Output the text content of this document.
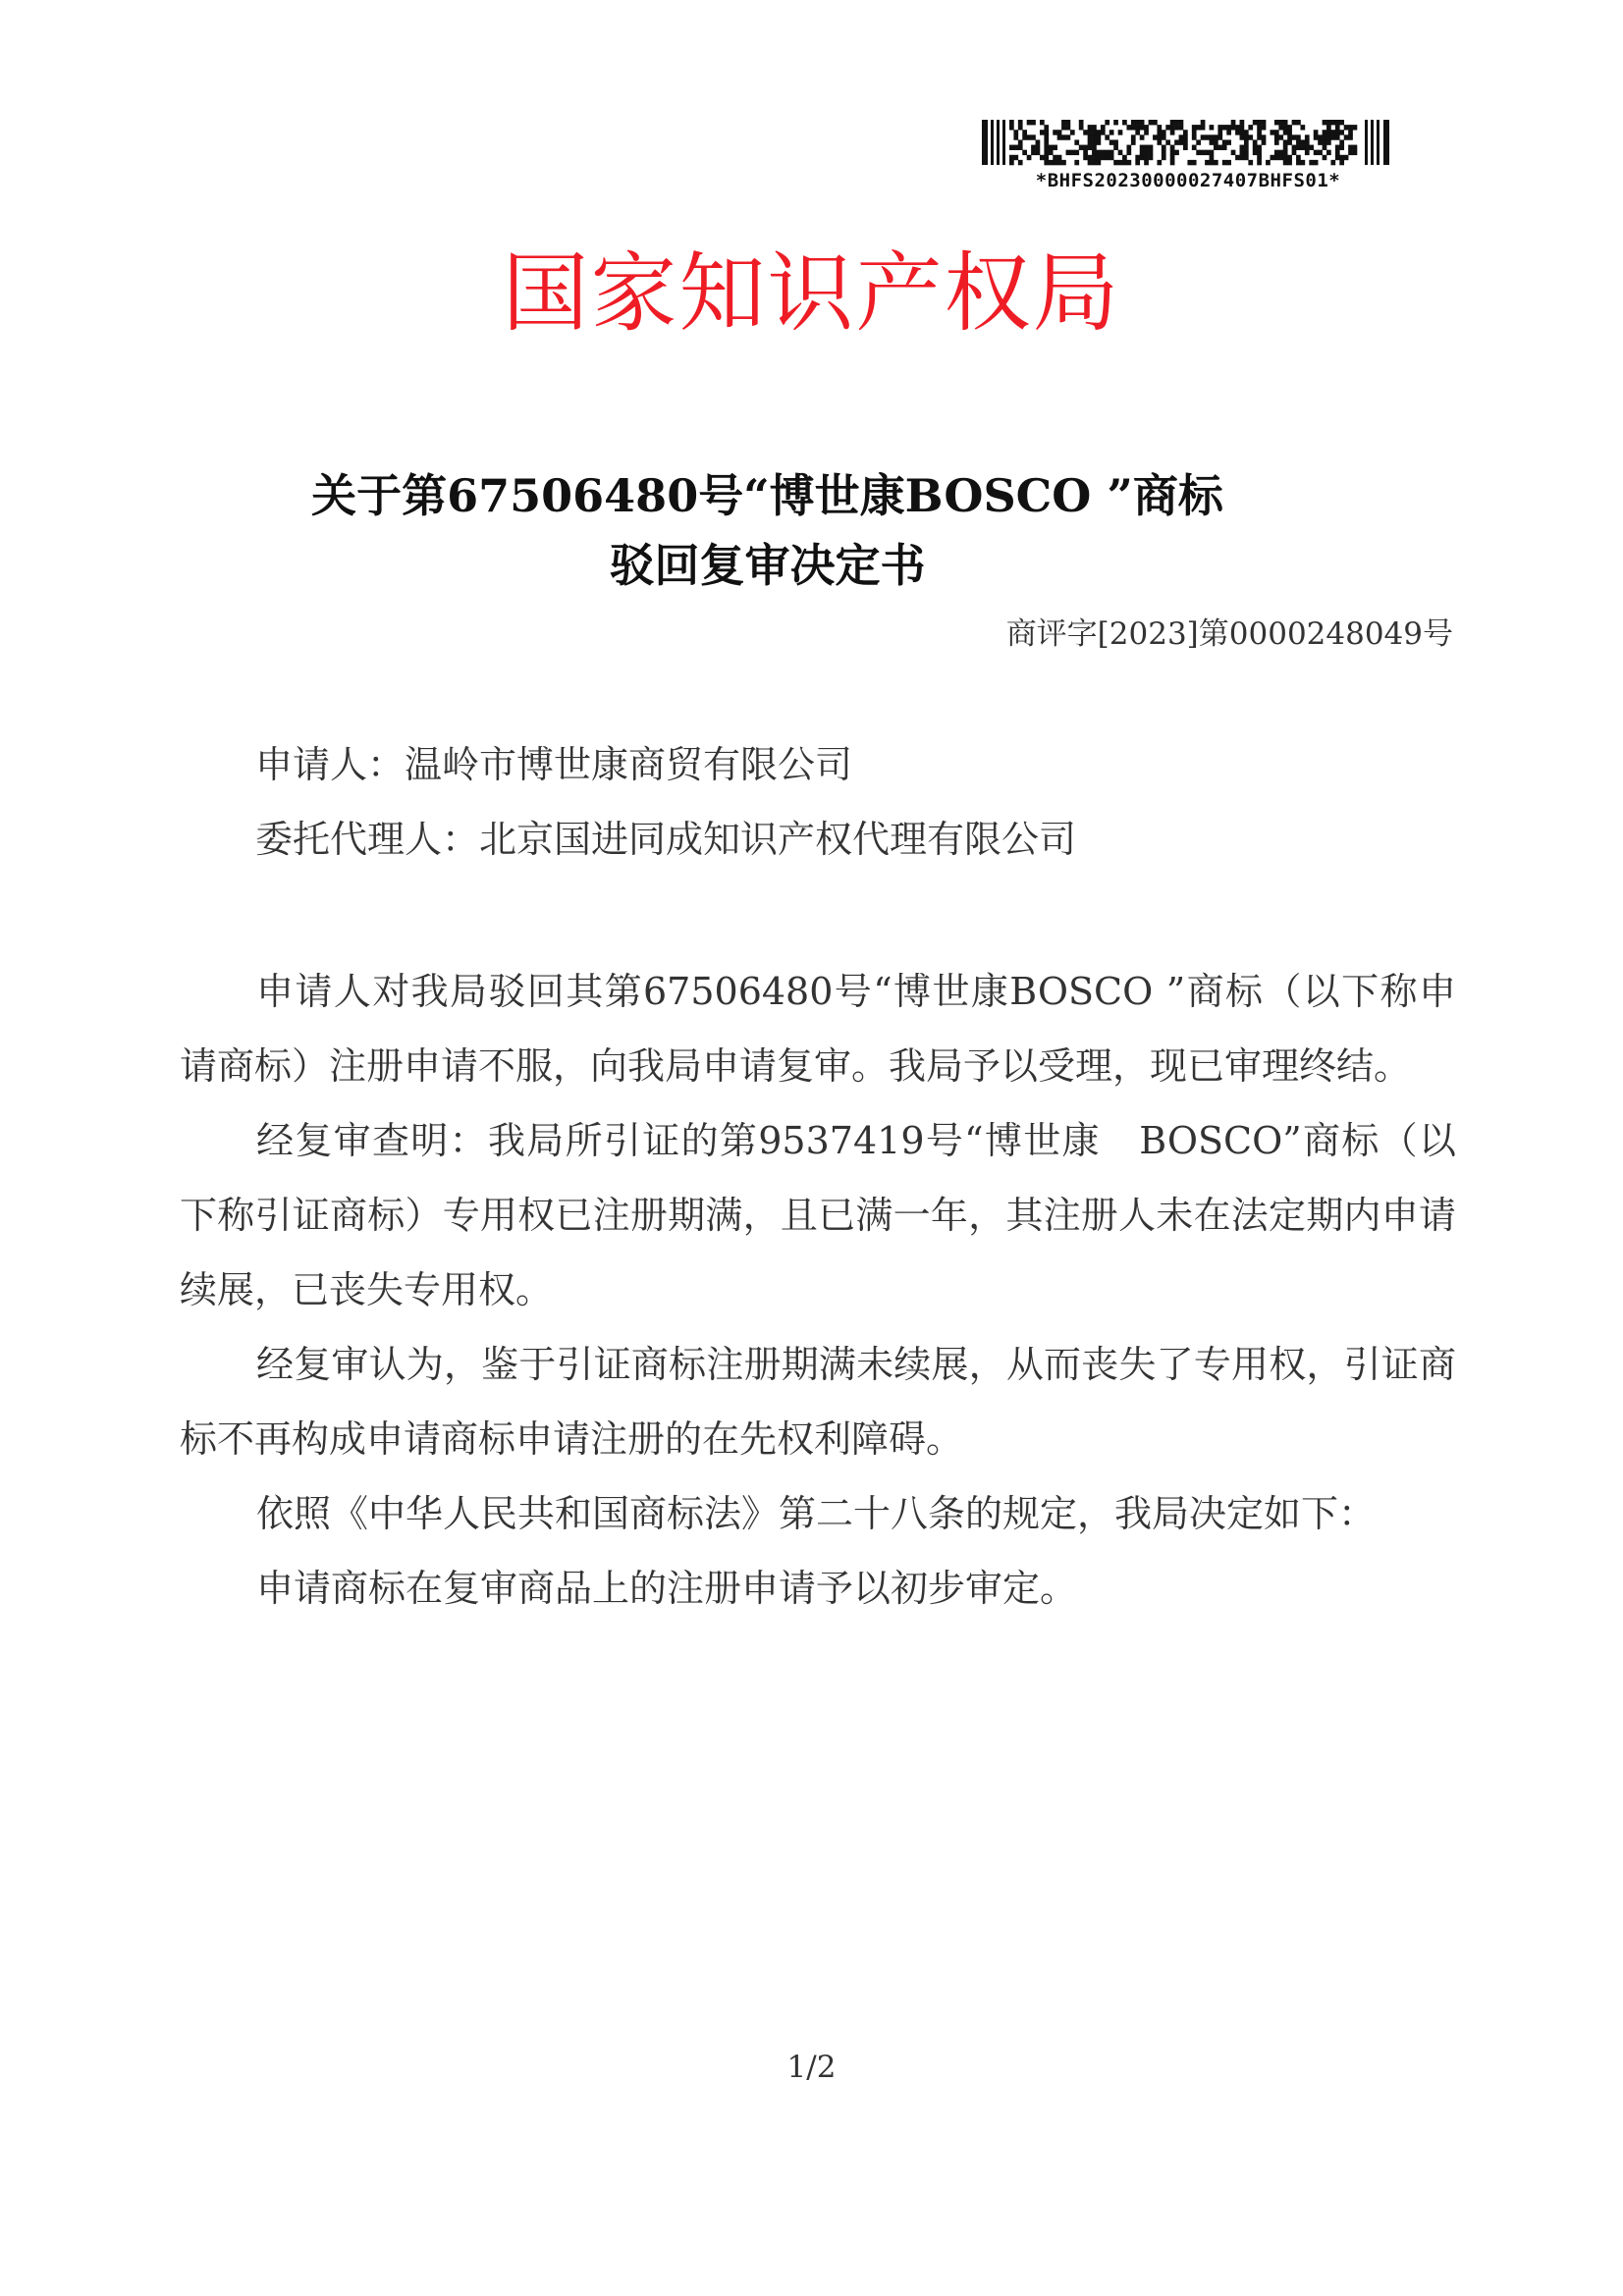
*BHFS20230000027407BHFS01*
国家知识产权局
关于第67506480号“博世康BOSCO ”商标
驳回复审决定书
商评字[2023]第0000248049号
申请人：温岭市博世康商贸有限公司
委托代理人：北京国进同成知识产权代理有限公司

申请人对我局驳回其第67506480号“博世康BOSCO ”商标（以下称申请商标）注册申请不服，向我局申请复审。我局予以受理，现已审理终结。

经复审查明：我局所引证的第9537419号“博世康　BOSCO”商标（以下称引证商标）专用权已注册期满，且已满一年，其注册人未在法定期内申请续展，已丧失专用权。

经复审认为，鉴于引证商标注册期满未续展，从而丧失了专用权，引证商标不再构成申请商标申请注册的在先权利障碍。

依照《中华人民共和国商标法》第二十八条的规定，我局决定如下：

申请商标在复审商品上的注册申请予以初步审定。

1/2
